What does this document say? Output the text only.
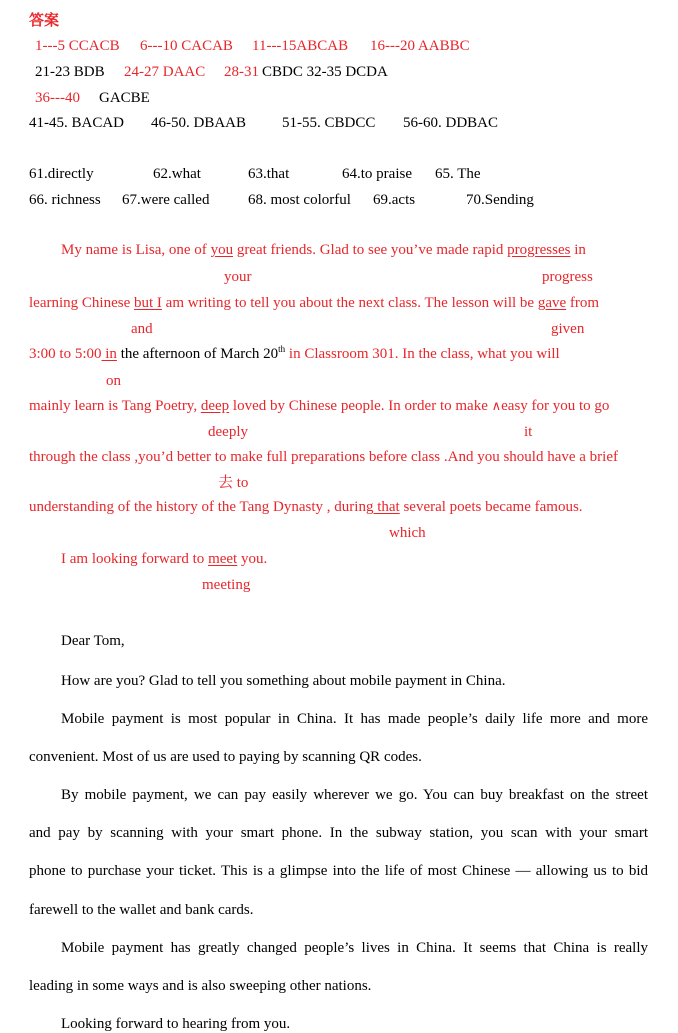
答案
1---5 CCACB 6---10 CACAB 11---15ABCAB 16---20 AABBC
21-23 BDB 24-27 DAAC 28-31 CBDC 32-35 DCDA
36---40 GACBE
41-45. BACAD 46-50. DBAAB 51-55. CBDCC 56-60. DDBAC
61.directly	62.what	63.that	64.to praise 65. The
66. richness 67.were called	68. most colorful 69.acts	70.Sending
My name is Lisa, one of you great friends. Glad to see you’ve made rapid progresses in
your	progress
learning Chinese but I am writing to tell you about the next class. The lesson will be gave from
and	given
3:00 to 5:00 in the afternoon of March 20th in Classroom 301. In the class, what you will
on
mainly learn is Tang Poetry, deep loved by Chinese people. In order to make ∧easy for you to go
deeply	it
through the class ,you’d better to make full preparations before class .And you should have a brief
去 to
understanding of the history of the Tang Dynasty , during that several poets became famous.
which
I am looking forward to meet you.
meeting
Dear Tom,
How are you? Glad to tell you something about mobile payment in China.
Mobile payment is most popular in China. It has made people’s daily life more and more
convenient. Most of us are used to paying by scanning QR codes.
By mobile payment, we can pay easily wherever we go. You can buy breakfast on the street
and pay by scanning with your smart phone. In the subway station, you scan with your smart
phone to purchase your ticket. This is a glimpse into the life of most Chinese — allowing us to bid
farewell to the wallet and bank cards.
Mobile payment has greatly changed people’s lives in China. It seems that China is really
leading in some ways and is also sweeping other nations.
Looking forward to hearing from you.
